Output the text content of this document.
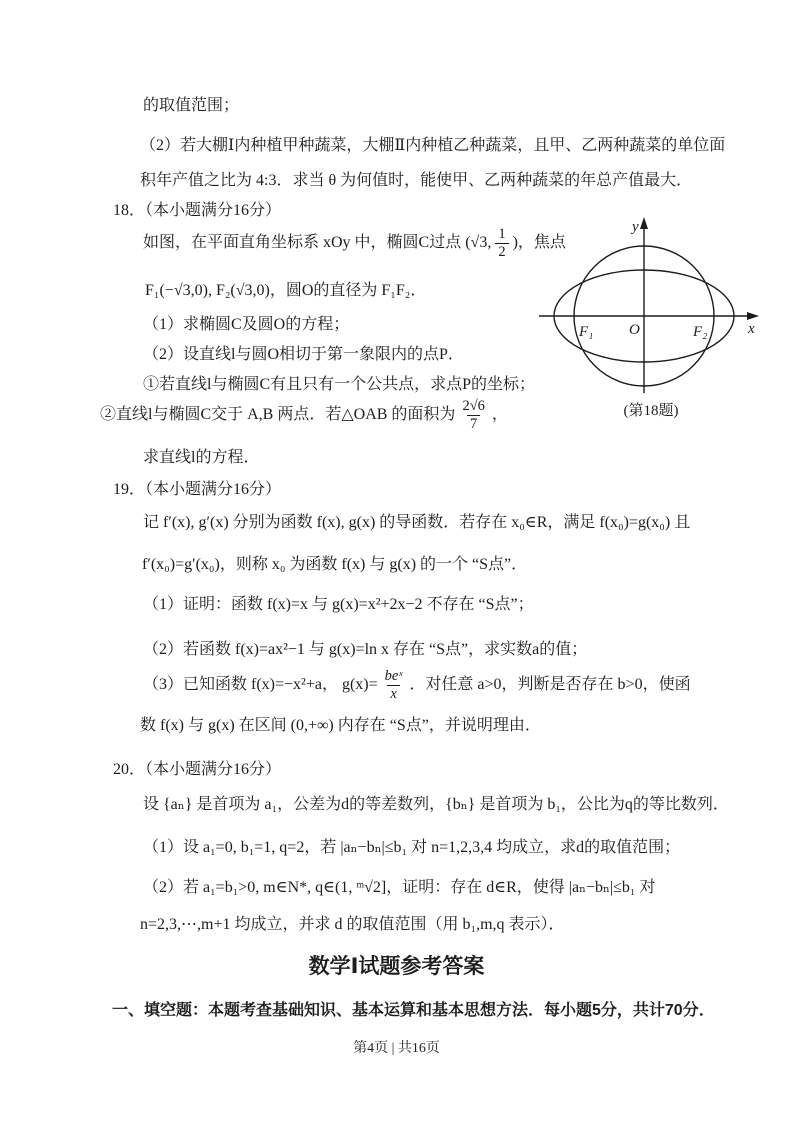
的取值范围；
（2）若大棚Ⅰ内种植甲种蔬菜，大棚Ⅱ内种植乙种蔬菜，且甲、乙两种蔬菜的单位面
积年产值之比为 4:3．求当 θ 为何值时，能使甲、乙两种蔬菜的年总产值最大．
18．（本小题满分16分）
如图，在平面直角坐标系 xOy 中，椭圆C过点 (√3, $\frac{1}{2}$ )，焦点
F₁(−√3,0), F₂(√3,0)，圆O的直径为 F₁F₂．
（1）求椭圆C及圆O的方程；
（2）设直线l与圆O相切于第一象限内的点P．
①若直线l与椭圆C有且只有一个公共点，求点P的坐标；
②直线l与椭圆C交于 A,B 两点．若△OAB 的面积为 $\frac{2√6}{7}$ ，
求直线l的方程．
y
x
O
F₁	F₂
(第18题)
19．（本小题满分16分）
记 f′(x), g′(x) 分别为函数 f(x), g(x) 的导函数．若存在 x₀∈R，满足 f(x₀)=g(x₀) 且
f′(x₀)=g′(x₀)，则称 x₀ 为函数 f(x) 与 g(x) 的一个 “S点”．
（1）证明：函数 f(x)=x 与 g(x)=x²+2x−2 不存在 “S点”；
（2）若函数 f(x)=ax²−1 与 g(x)=ln x 存在 “S点”，求实数a的值；
（3）已知函数 f(x)=−x²+a， $g(x)= \frac{\text{beˣ}}{x}$ ．对任意 a>0，判断是否存在 b>0，使函
数 f(x) 与 g(x) 在区间 (0,+∞) 内存在 “S点”，并说明理由．
20．（本小题满分16分）
设 {aₙ} 是首项为 a₁，公差为d的等差数列，{bₙ} 是首项为 b₁，公比为q的等比数列．
（1）设 a₁=0, b₁=1, q=2，若 |aₙ−bₙ|≤b₁ 对 n=1,2,3,4 均成立，求d的取值范围；
（2）若 a₁=b₁>0, m∈N*, q∈(1, ᵐ√2]，证明：存在 d∈R，使得 |aₙ−bₙ|≤b₁ 对
n=2,3,⋯,m+1 均成立，并求 d 的取值范围（用 b₁,m,q 表示）．
数学Ⅰ试题参考答案
一、填空题：本题考查基础知识、基本运算和基本思想方法．每小题5分，共计70分．
第4页 | 共16页
